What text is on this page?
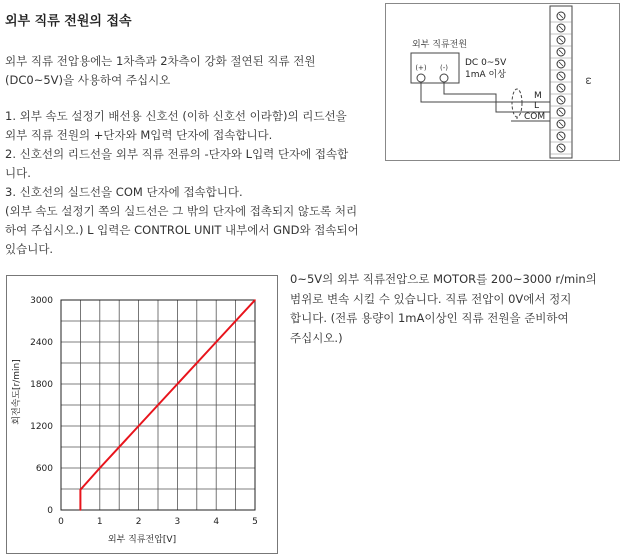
외부 직류 전원의 접속
외부 직류 전압용에는 1차측과 2차측이 강화 절연된 직류 전원
(DC0~5V)을 사용하여 주십시오
1. 외부 속도 설정기 배선용 신호선 (이하 신호선 이라함)의 리드선을
외부 직류 전원의 +단자와 M입력 단자에 접속합니다.
2. 신호선의 리드선을 외부 직류 전류의 -단자와 L입력 단자에 접속합
니다.
3. 신호선의 실드선을 COM 단자에 접속합니다.
(외부 속도 설정기 쪽의 실드선은 그 밖의 단자에 접촉되지 않도록 처리
하여 주십시오.) L 입력은 CONTROL UNIT 내부에서 GND와 접속되어
있습니다.
외부 직류전원
(+) (-) DC 0~5V
1mA 이상
M
L
COM
ω
0	1	2	3	4	5
0
600
1200
1800
2400
3000
외부 직류전압[V]
회전속도[r/min]
0~5V의 외부 직류전압으로 MOTOR를 200~3000 r/min의
범위로 변속 시킬 수 있습니다. 직류 전압이 0V에서 정지
합니다. (전류 용량이 1mA이상인 직류 전원을 준비하여
주십시오.)
